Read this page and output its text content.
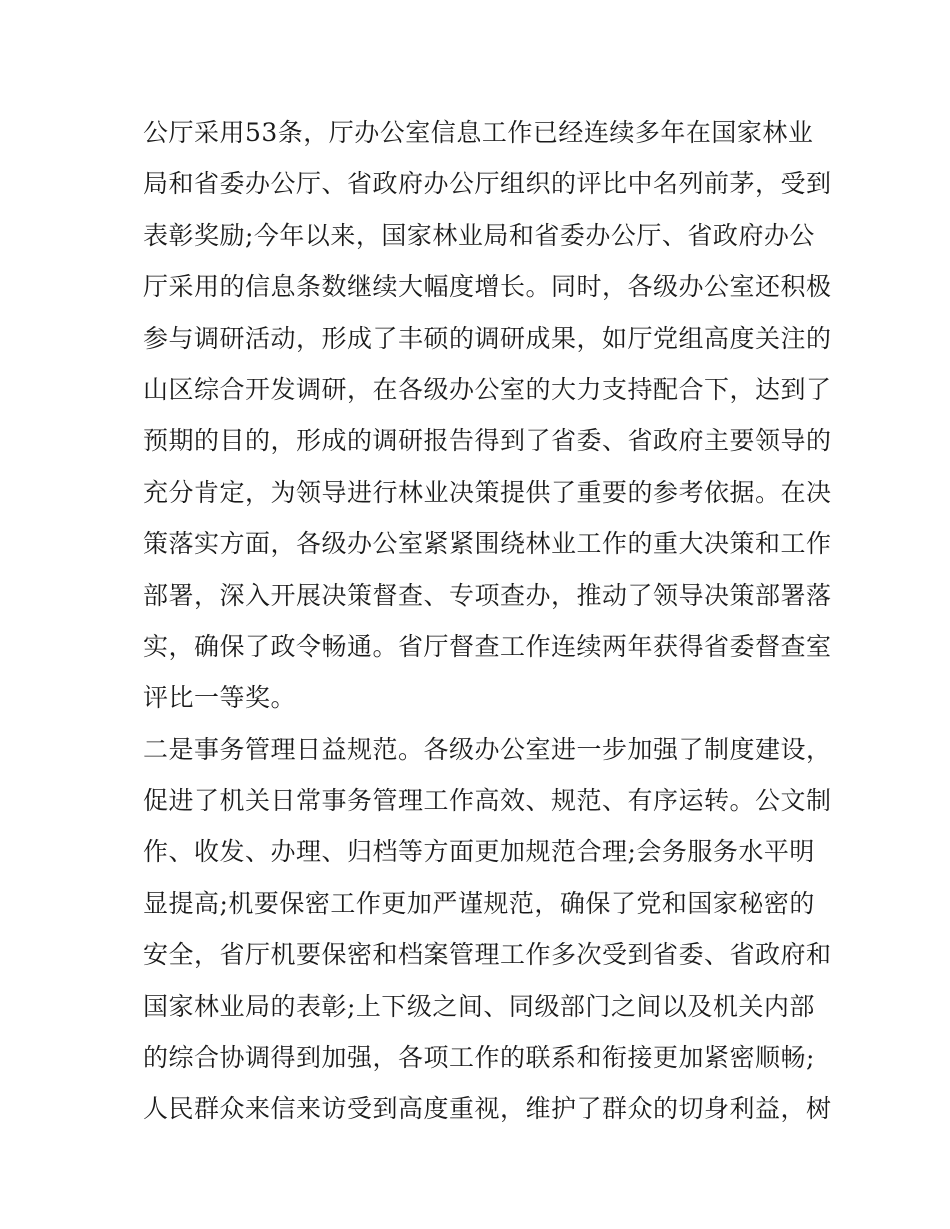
公厅采用53条，厅办公室信息工作已经连续多年在国家林业
局和省委办公厅、省政府办公厅组织的评比中名列前茅，受到
表彰奖励;今年以来，国家林业局和省委办公厅、省政府办公
厅采用的信息条数继续大幅度增长。同时，各级办公室还积极
参与调研活动，形成了丰硕的调研成果，如厅党组高度关注的
山区综合开发调研，在各级办公室的大力支持配合下，达到了
预期的目的，形成的调研报告得到了省委、省政府主要领导的
充分肯定，为领导进行林业决策提供了重要的参考依据。在决
策落实方面，各级办公室紧紧围绕林业工作的重大决策和工作
部署，深入开展决策督查、专项查办，推动了领导决策部署落
实，确保了政令畅通。省厅督查工作连续两年获得省委督查室
评比一等奖。
二是事务管理日益规范。各级办公室进一步加强了制度建设，
促进了机关日常事务管理工作高效、规范、有序运转。公文制
作、收发、办理、归档等方面更加规范合理;会务服务水平明
显提高;机要保密工作更加严谨规范，确保了党和国家秘密的
安全，省厅机要保密和档案管理工作多次受到省委、省政府和
国家林业局的表彰;上下级之间、同级部门之间以及机关内部
的综合协调得到加强，各项工作的联系和衔接更加紧密顺畅;
人民群众来信来访受到高度重视，维护了群众的切身利益，树
